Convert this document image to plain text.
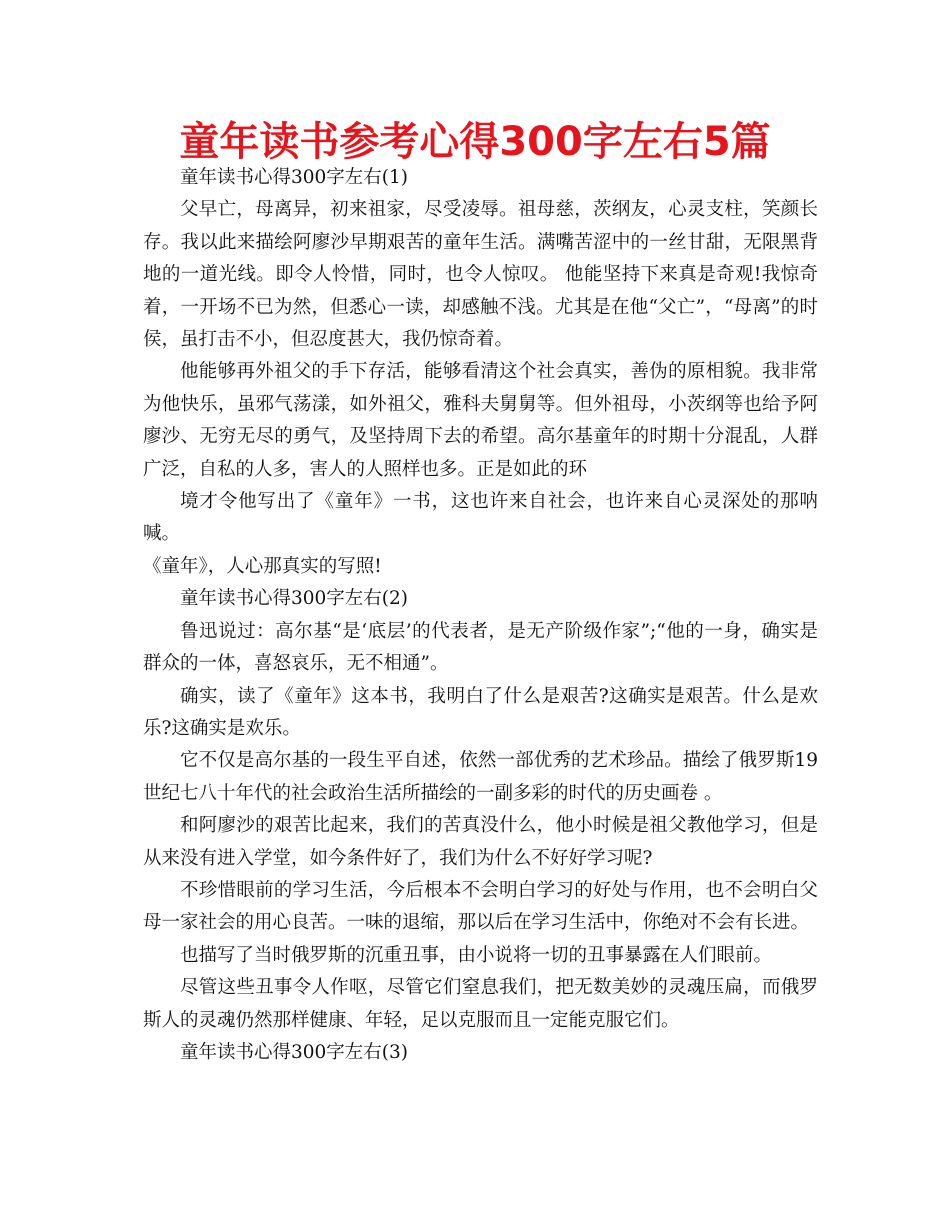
童年读书参考心得300字左右5篇

童年读书心得300字左右(1)

父早亡，母离异，初来祖家，尽受凌辱。祖母慈，茨纲友，心灵支柱，笑颜长存。我以此来描绘阿廖沙早期艰苦的童年生活。满嘴苦涩中的一丝甘甜，无限黑背地的一道光线。即令人怜惜，同时，也令人惊叹。 他能坚持下来真是奇观!我惊奇着，一开场不已为然，但悉心一读，却感触不浅。尤其是在他“父亡”，“母离”的时侯，虽打击不小，但忍度甚大，我仍惊奇着。

他能够再外祖父的手下存活，能够看清这个社会真实，善伪的原相貌。我非常为他快乐，虽邪气荡漾，如外祖父，雅科夫舅舅等。但外祖母，小茨纲等也给予阿廖沙、无穷无尽的勇气，及坚持周下去的希望。高尔基童年的时期十分混乱，人群广泛，自私的人多，害人的人照样也多。正是如此的环

境才令他写出了《童年》一书，这也许来自社会，也许来自心灵深处的那呐喊。

《童年》，人心那真实的写照!

童年读书心得300字左右(2)

鲁迅说过：高尔基“是‘底层’的代表者，是无产阶级作家”;“他的一身，确实是群众的一体，喜怒哀乐，无不相通”。

确实，读了《童年》这本书，我明白了什么是艰苦?这确实是艰苦。什么是欢乐?这确实是欢乐。

它不仅是高尔基的一段生平自述，依然一部优秀的艺术珍品。描绘了俄罗斯19世纪七八十年代的社会政治生活所描绘的一副多彩的时代的历史画卷 。

和阿廖沙的艰苦比起来，我们的苦真没什么，他小时候是祖父教他学习，但是从来没有进入学堂，如今条件好了，我们为什么不好好学习呢?

不珍惜眼前的学习生活，今后根本不会明白学习的好处与作用，也不会明白父母一家社会的用心良苦。一味的退缩，那以后在学习生活中，你绝对不会有长进。

也描写了当时俄罗斯的沉重丑事，由小说将一切的丑事暴露在人们眼前。

尽管这些丑事令人作呕，尽管它们窒息我们，把无数美妙的灵魂压扁，而俄罗斯人的灵魂仍然那样健康、年轻，足以克服而且一定能克服它们。

童年读书心得300字左右(3)
